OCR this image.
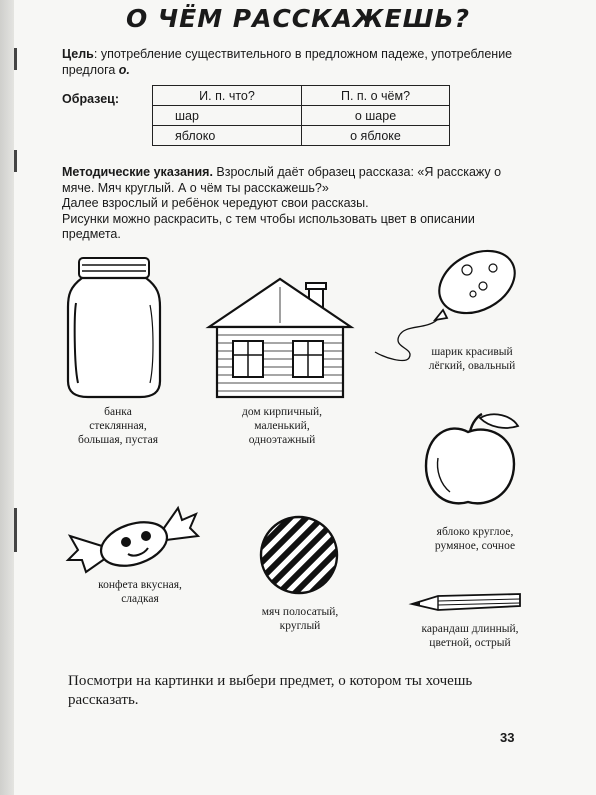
О ЧЁМ РАССКАЖЕШЬ?
Цель: употребление существительного в предложном падеже, употребление предлога о.
Образец:	И. п. что?	П. п. о чём?
шар	о шаре
яблоко	о яблоке
Методические указания. Взрослый даёт образец рассказа: «Я расскажу о мяче. Мяч круглый. А о чём ты расскажешь?»
Далее взрослый и ребёнок чередуют свои рассказы.
Рисунки можно раскрасить, с тем чтобы использовать цвет в описании предмета.
банка
стеклянная,
большая, пустая
дом кирпичный,
маленький,
одноэтажный
шарик красивый
лёгкий, овальный
яблоко круглое,
румяное, сочное
конфета вкусная,
сладкая
мяч полосатый,
круглый	карандаш длинный,
цветной, острый
Посмотри на картинки и выбери предмет, о котором ты хочешь рассказать.
33
